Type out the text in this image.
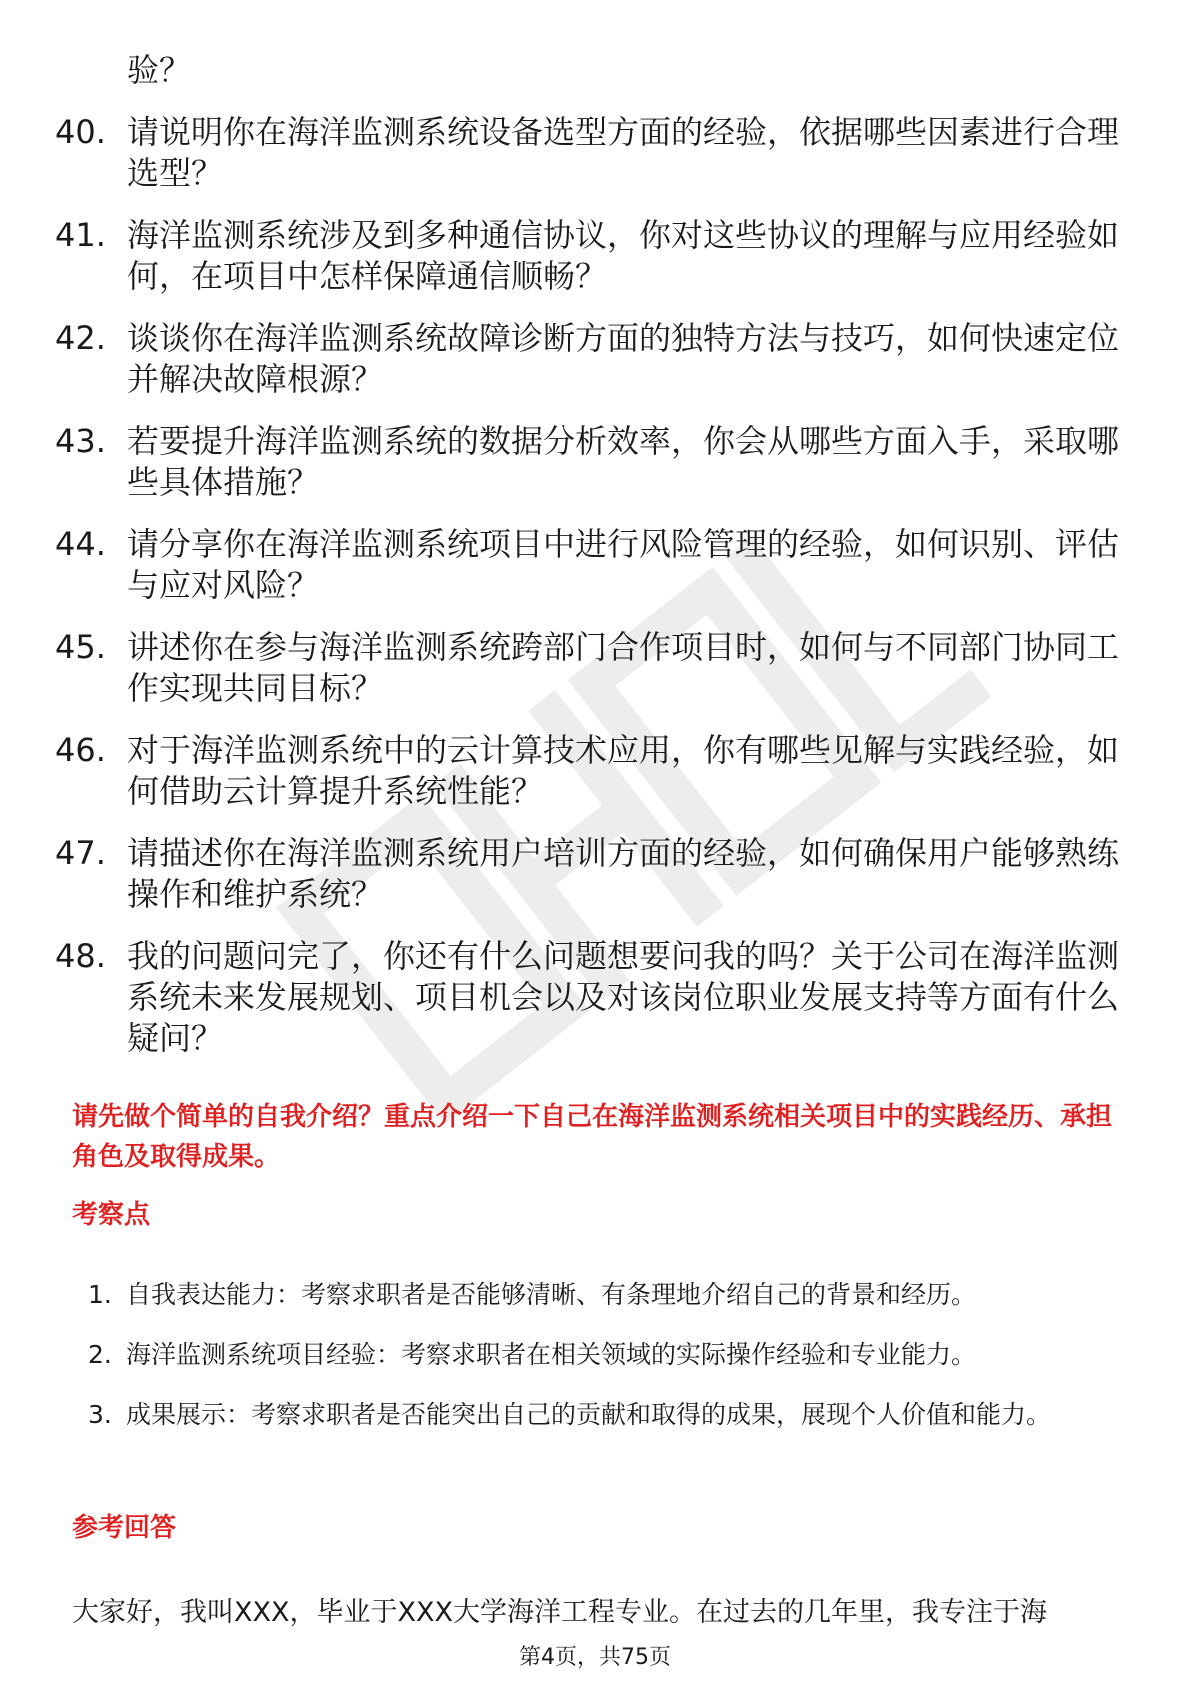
验？
40. 请说明你在海洋监测系统设备选型方面的经验，依据哪些因素进行合理选型？
41. 海洋监测系统涉及到多种通信协议，你对这些协议的理解与应用经验如何，在项目中怎样保障通信顺畅？
42. 谈谈你在海洋监测系统故障诊断方面的独特方法与技巧，如何快速定位并解决故障根源？
43. 若要提升海洋监测系统的数据分析效率，你会从哪些方面入手，采取哪些具体措施？
44. 请分享你在海洋监测系统项目中进行风险管理的经验，如何识别、评估与应对风险？
45. 讲述你在参与海洋监测系统跨部门合作项目时，如何与不同部门协同工作实现共同目标？
46. 对于海洋监测系统中的云计算技术应用，你有哪些见解与实践经验，如何借助云计算提升系统性能？
47. 请描述你在海洋监测系统用户培训方面的经验，如何确保用户能够熟练操作和维护系统？
48. 我的问题问完了，你还有什么问题想要问我的吗？关于公司在海洋监测系统未来发展规划、项目机会以及对该岗位职业发展支持等方面有什么疑问？
请先做个简单的自我介绍？重点介绍一下自己在海洋监测系统相关项目中的实践经历、承担角色及取得成果。
考察点
1. 自我表达能力：考察求职者是否能够清晰、有条理地介绍自己的背景和经历。
2. 海洋监测系统项目经验：考察求职者在相关领域的实际操作经验和专业能力。
3. 成果展示：考察求职者是否能突出自己的贡献和取得的成果，展现个人价值和能力。
参考回答
大家好，我叫XXX，毕业于XXX大学海洋工程专业。在过去的几年里，我专注于海
第4页，共75页
